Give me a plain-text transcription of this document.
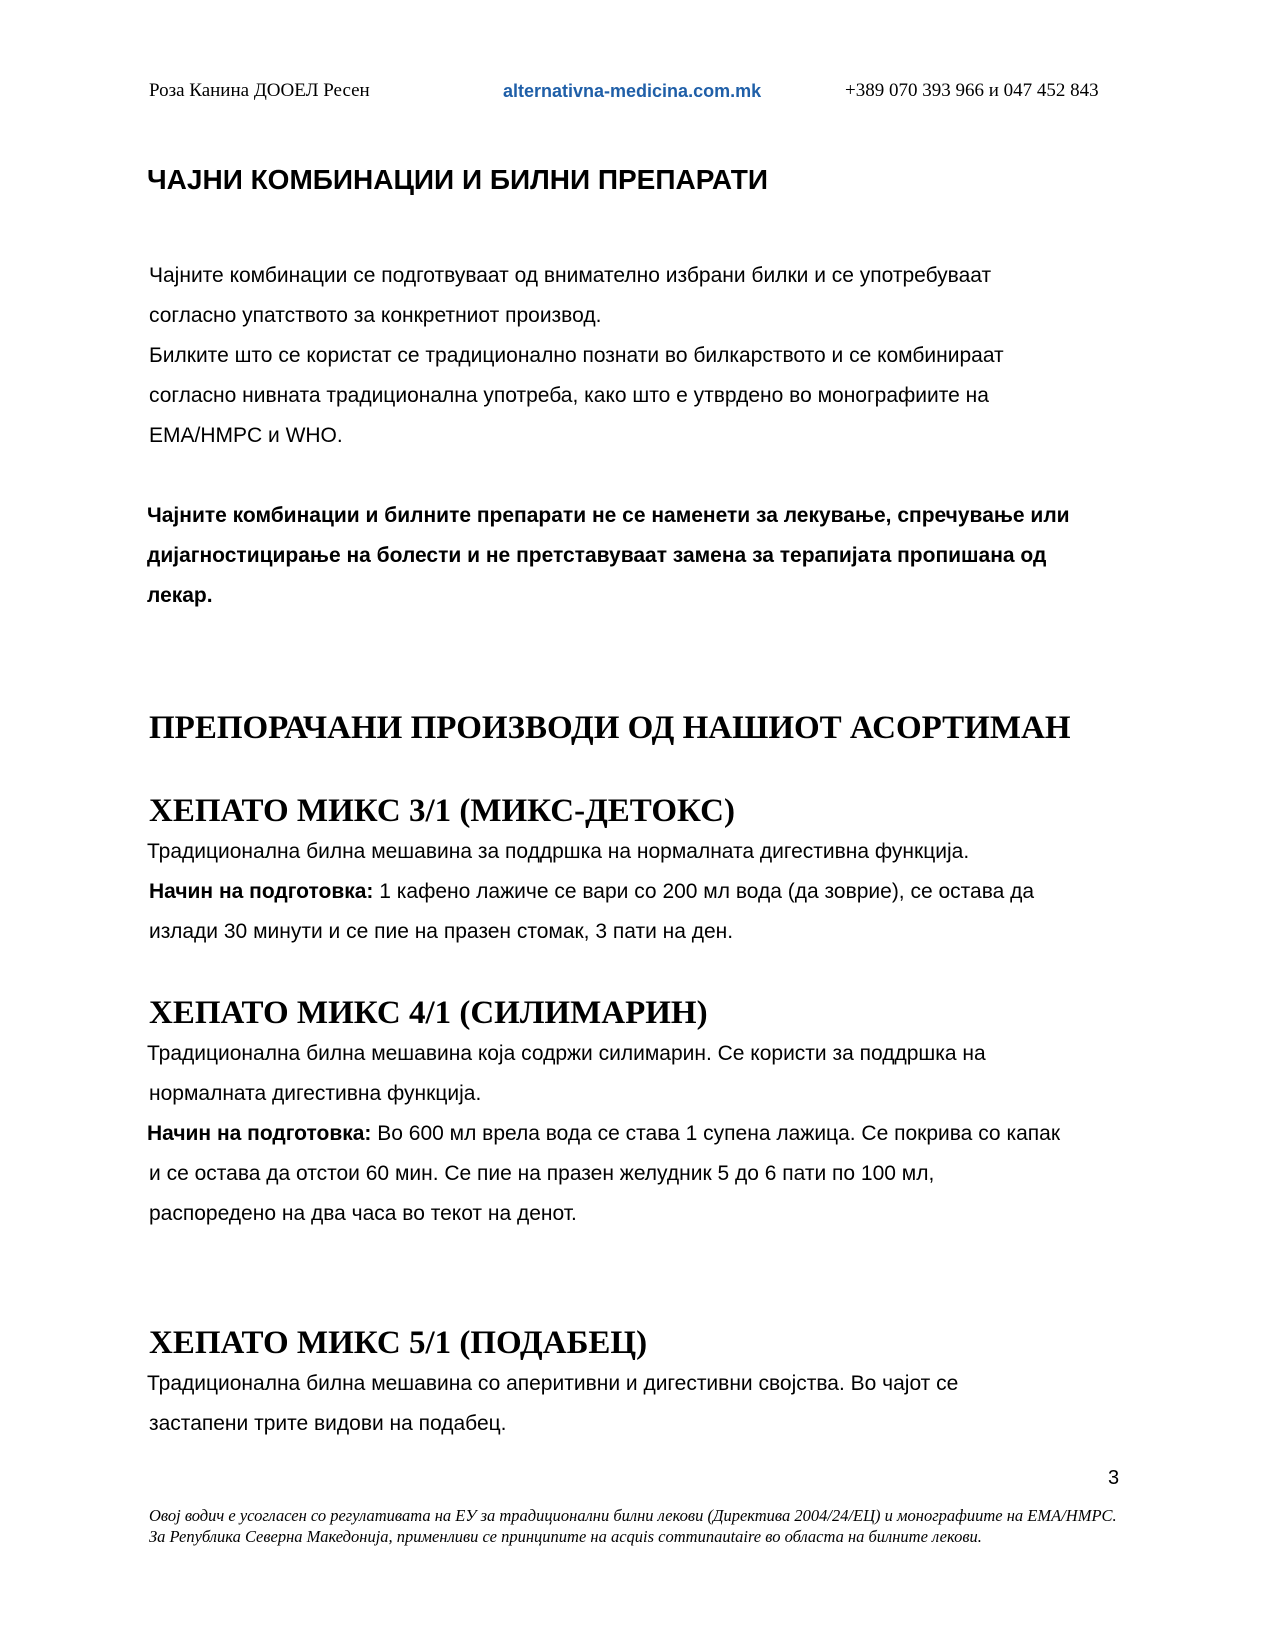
Роза Канина ДООЕЛ Ресен	alternativna-medicina.com.mk	+389 070 393 966 и 047 452 843
ЧАЈНИ КОМБИНАЦИИ И БИЛНИ ПРЕПАРАТИ
Чајните комбинации се подготвуваат од внимателно избрани билки и се употребуваат
согласно упатството за конкретниот производ.
Билките што се користат се традиционално познати во билкарството и се комбинираат
согласно нивната традиционална употреба, како што е утврдено во монографиите на
EMA/HMPC и WHO.
Чајните комбинации и билните препарати не се наменети за лекување, спречување или
дијагностицирање на болести и не претставуваат замена за терапијата пропишана од
лекар.
ПРЕПОРАЧАНИ ПРОИЗВОДИ ОД НАШИОТ АСОРТИМАН
ХЕПАТО МИКС 3/1 (МИКС-ДЕТОКС)
Традиционална билна мешавина за поддршка на нормалната дигестивна функција.
Начин на подготовка: 1 кафено лажиче се вари со 200 мл вода (да зоврие), се остава да
излади 30 минути и се пие на празен стомак, 3 пати на ден.
ХЕПАТО МИКС 4/1 (СИЛИМАРИН)
Традиционална билна мешавина која содржи силимарин. Се користи за поддршка на
нормалната дигестивна функција.
Начин на подготовка: Во 600 мл врела вода се става 1 супена лажица. Се покрива со капак
и се остава да отстои 60 мин. Се пие на празен желудник 5 до 6 пати по 100 мл,
распоредено на два часа во текот на денот.
ХЕПАТО МИКС 5/1 (ПОДАБЕЦ)
Традиционална билна мешавина со аперитивни и дигестивни својства. Во чајот се
застапени трите видови на подабец.
3
Овој водич е усогласен со регулативата на ЕУ за традиционални билни лекови (Директива 2004/24/ЕЦ) и монографиите на EMA/HMPC. За Република Северна Македонија, применливи се принципите на acquis communautaire во областа на билните лекови.
